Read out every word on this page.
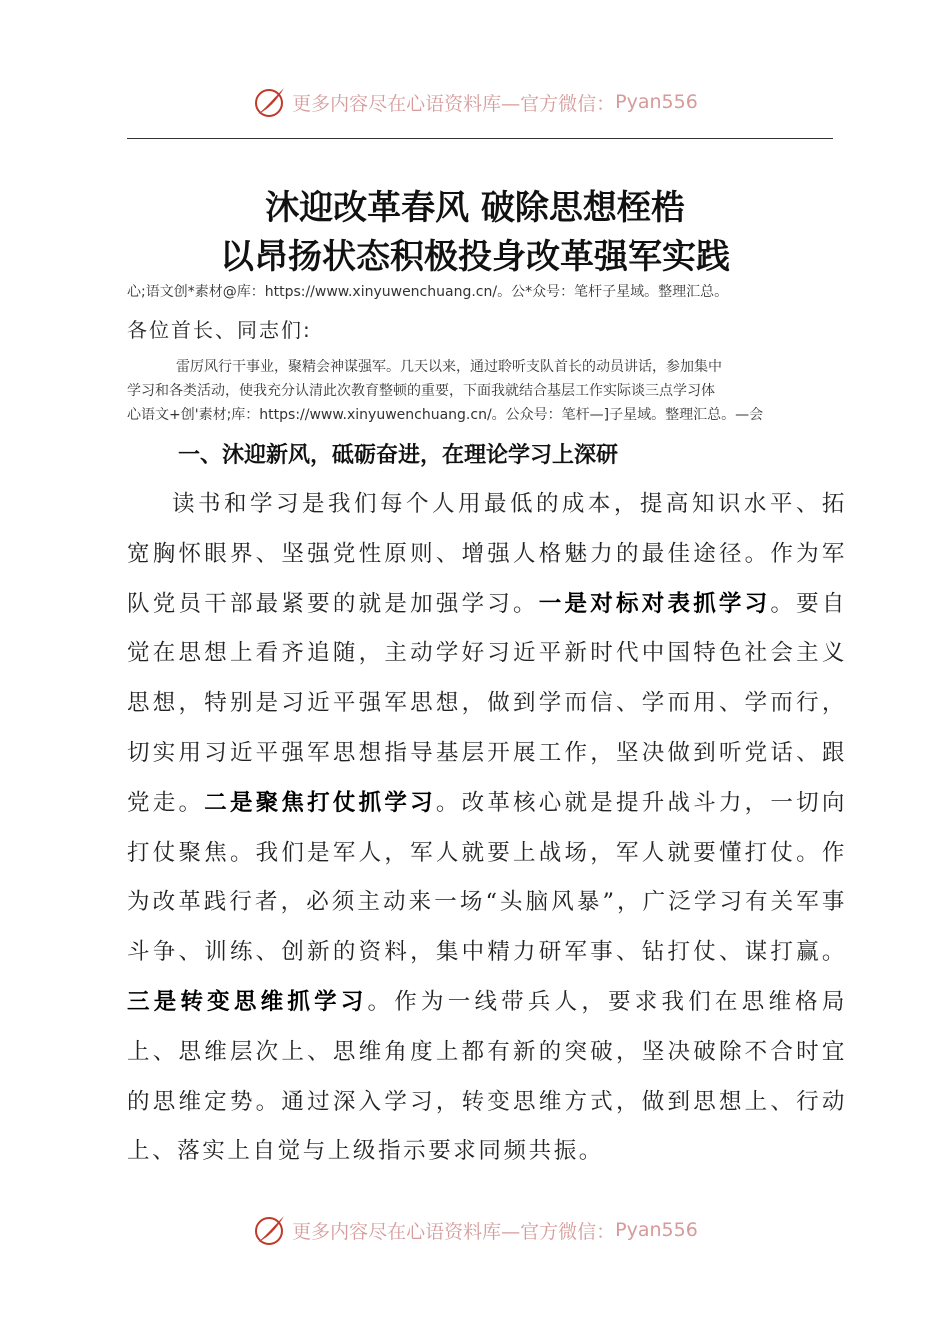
更多内容尽在心语资料库—官方微信： Pyan556
沐迎改革春风 破除思想桎梏
以昂扬状态积极投身改革强军实践
心;语文创*素材@库：https://www.xinyuwenchuang.cn/。公*众号：笔杆子星域。整理汇总。
各位首长、同志们:
雷厉风行干事业，聚精会神谋强军。几天以来，通过聆听支队首长的动员讲话，参加集中
学习和各类活动，使我充分认清此次教育整顿的重要，下面我就结合基层工作实际谈三点学习体
心语文+创'素材;库：https://www.xinyuwenchuang.cn/。公众号：笔杆—]子星域。整理汇总。—会
一、沐迎新风，砥砺奋进，在理论学习上深研

读书和学习是我们每个人用最低的成本，提高知识水平、拓宽胸怀眼界、坚强党性原则、增强人格魅力的最佳途径。作为军队党员干部最紧要的就是加强学习。一是对标对表抓学习。要自觉在思想上看齐追随，主动学好习近平新时代中国特色社会主义思想，特别是习近平强军思想，做到学而信、学而用、学而行，切实用习近平强军思想指导基层开展工作，坚决做到听党话、跟党走。二是聚焦打仗抓学习。改革核心就是提升战斗力，一切向打仗聚焦。我们是军人，军人就要上战场，军人就要懂打仗。作为改革践行者，必须主动来一场“头脑风暴”，广泛学习有关军事斗争、训练、创新的资料，集中精力研军事、钻打仗、谋打赢。三是转变思维抓学习。作为一线带兵人，要求我们在思维格局上、思维层次上、思维角度上都有新的突破，坚决破除不合时宜的思维定势。通过深入学习，转变思维方式，做到思想上、行动上、落实上自觉与上级指示要求同频共振。

更多内容尽在心语资料库—官方微信： Pyan556
